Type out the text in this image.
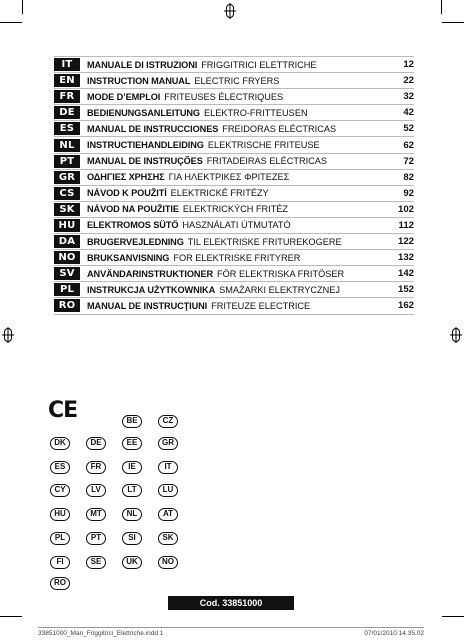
IT	MANUALE DI ISTRUZIONI FRIGGITRICI ELETTRICHE	12
EN	INSTRUCTION MANUAL ELECTRIC FRYERS	22
FR	MODE D’EMPLOI FRITEUSES ÉLECTRIQUES	32
DE	BEDIENUNGSANLEITUNG ELEKTRO-FRITTEUSEN	42
ES	MANUAL DE INSTRUCCIONES FREIDORAS ELÉCTRICAS	52
NL	INSTRUCTIEHANDLEIDING ELEKTRISCHE FRITEUSE	62
PT	MANUAL DE INSTRUÇÕES FRITADEIRAS ELÉCTRICAS	72
GR	ΟΔΗΓΙΕΣ ΧΡΗΣΗΣ ΓΙΑ ΗΛΕΚΤΡΙΚΕΣ ΦΡΙΤΕΖΕΣ	82
CS	NÁVOD K POUŽITÍ ELEKTRICKÉ FRITÉZY	92
SK	NÁVOD NA POUŽITIE ELEKTRICKÝCH FRITÉZ	102
HU	ELEKTROMOS SÜTŐ HASZNÁLATI ÚTMUTATÓ	112
DA	BRUGERVEJLEDNING TIL ELEKTRISKE FRITUREKOGERE	122
NO	BRUKSANVISNING FOR ELEKTRISKE FRITYRER	132
SV	ANVÄNDARINSTRUKTIONER FÖR ELEKTRISKA FRITÖSER	142
PL	INSTRUKCJA UŻYTKOWNIKA SMAŻARKI ELEKTRYCZNEJ	152
RO	MANUAL DE INSTRUCŢIUNI FRITEUZE ELECTRICE	162
CE	BE	CZ
DK	DE	EE	GR
ES	FR	IE	IT
CY	LV	LT	LU
HU	MT	NL	AT
PL	PT	SI	SK
FI	SE	UK	NO
RO
Cod. 33851000
33851000_Man_Friggitrici_Elettriche.indd 1	07/01/2010 14.35.02
